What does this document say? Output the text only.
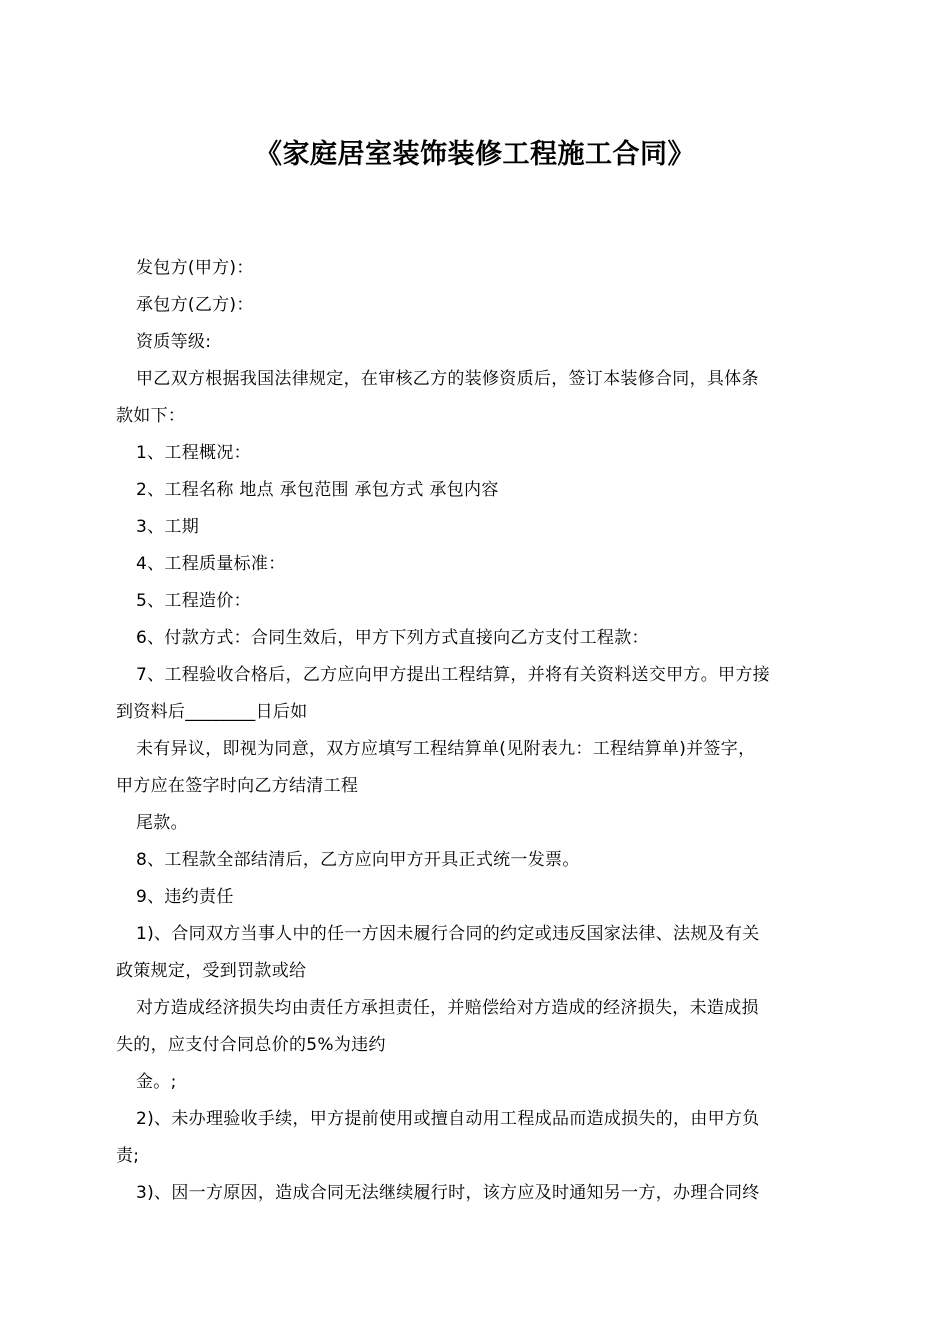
《家庭居室装饰装修工程施工合同》
发包方(甲方)：
承包方(乙方)：
资质等级:
甲乙双方根据我国法律规定，在审核乙方的装修资质后，签订本装修合同，具体条
款如下：
1、工程概况：
2、工程名称 地点 承包范围 承包方式 承包内容
3、工期
4、工程质量标准：
5、工程造价：
6、付款方式：合同生效后，甲方下列方式直接向乙方支付工程款：
7、工程验收合格后，乙方应向甲方提出工程结算，并将有关资料送交甲方。甲方接
到资料后________日后如
未有异议，即视为同意，双方应填写工程结算单(见附表九：工程结算单)并签字，
甲方应在签字时向乙方结清工程
尾款。
8、工程款全部结清后，乙方应向甲方开具正式统一发票。
9、违约责任
1)、合同双方当事人中的任一方因未履行合同的约定或违反国家法律、法规及有关
政策规定，受到罚款或给
对方造成经济损失均由责任方承担责任，并赔偿给对方造成的经济损失，未造成损
失的，应支付合同总价的5%为违约
金。;
2)、未办理验收手续，甲方提前使用或擅自动用工程成品而造成损失的，由甲方负
责;
3)、因一方原因，造成合同无法继续履行时，该方应及时通知另一方，办理合同终
